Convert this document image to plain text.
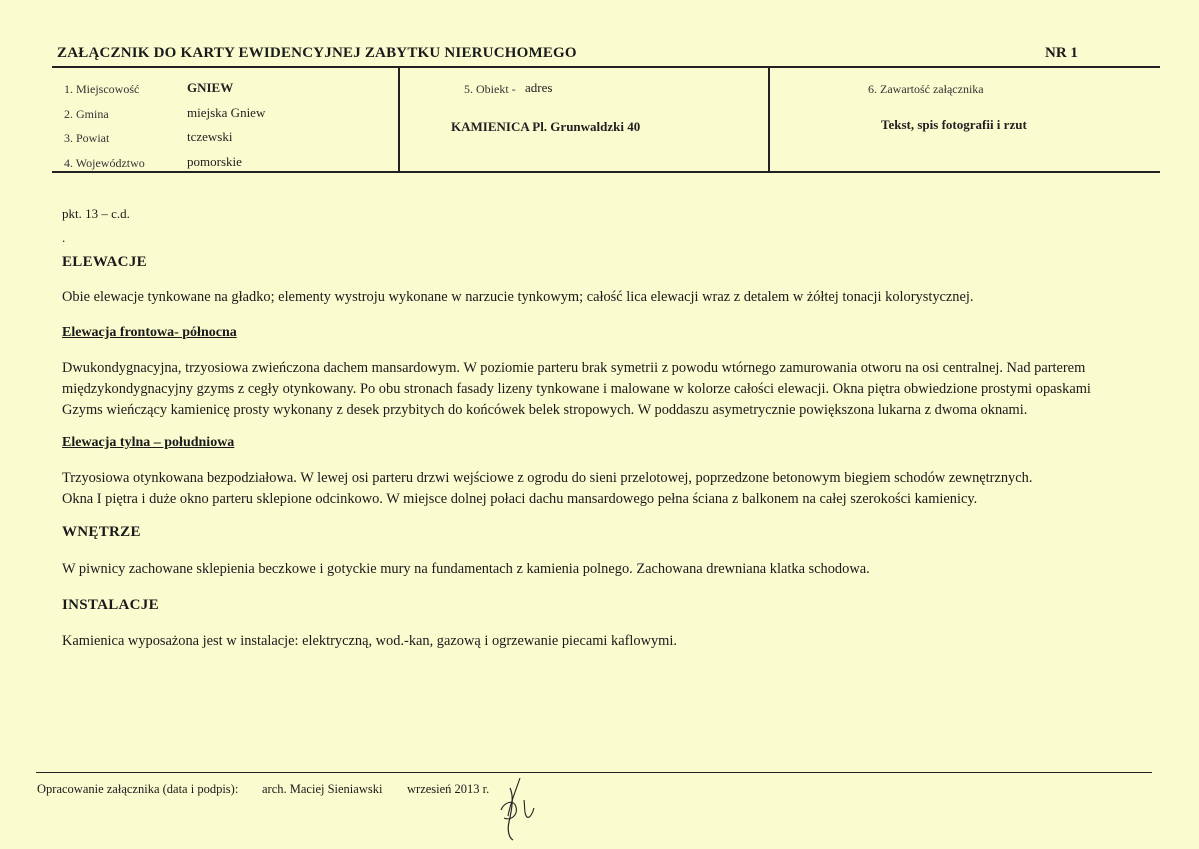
ZAŁĄCZNIK DO KARTY EWIDENCYJNEJ ZABYTKU NIERUCHOMEGO	NR 1
1. Miejscowość	GNIEW
2. Gmina	miejska Gniew
3. Powiat	tczewski
4. Województwo	pomorskie
5. Obiekt - adres
KAMIENICA Pl. Grunwaldzki 40
6. Zawartość załącznika
Tekst, spis fotografii i rzut
pkt. 13 – c.d.
.
ELEWACJE
Obie elewacje tynkowane na gładko; elementy wystroju wykonane w narzucie tynkowym; całość lica elewacji wraz z detalem w żółtej tonacji kolorystycznej.
Elewacja frontowa- północna
Dwukondygnacyjna, trzyosiowa zwieńczona dachem mansardowym. W poziomie parteru brak symetrii z powodu wtórnego zamurowania otworu na osi centralnej. Nad parterem
międzykondygnacyjny gzyms z cegły otynkowany. Po obu stronach fasady lizeny tynkowane i malowane w kolorze całości elewacji. Okna piętra obwiedzione prostymi opaskami
Gzyms wieńczący kamienicę prosty wykonany z desek przybitych do końcówek belek stropowych. W poddaszu asymetrycznie powiększona lukarna z dwoma oknami.
Elewacja tylna – południowa
Trzyosiowa otynkowana bezpodziałowa. W lewej osi parteru drzwi wejściowe z ogrodu do sieni przelotowej, poprzedzone betonowym biegiem schodów zewnętrznych.
Okna I piętra i duże okno parteru sklepione odcinkowo. W miejsce dolnej połaci dachu mansardowego pełna ściana z balkonem na całej szerokości kamienicy.
WNĘTRZE
W piwnicy zachowane sklepienia beczkowe i gotyckie mury na fundamentach z kamienia polnego. Zachowana drewniana klatka schodowa.
INSTALACJE
Kamienica wyposażona jest w instalacje: elektryczną, wod.-kan, gazową i ogrzewanie piecami kaflowymi.
Opracowanie załącznika (data i podpis): arch. Maciej Sieniawski wrzesień 2013 r.
